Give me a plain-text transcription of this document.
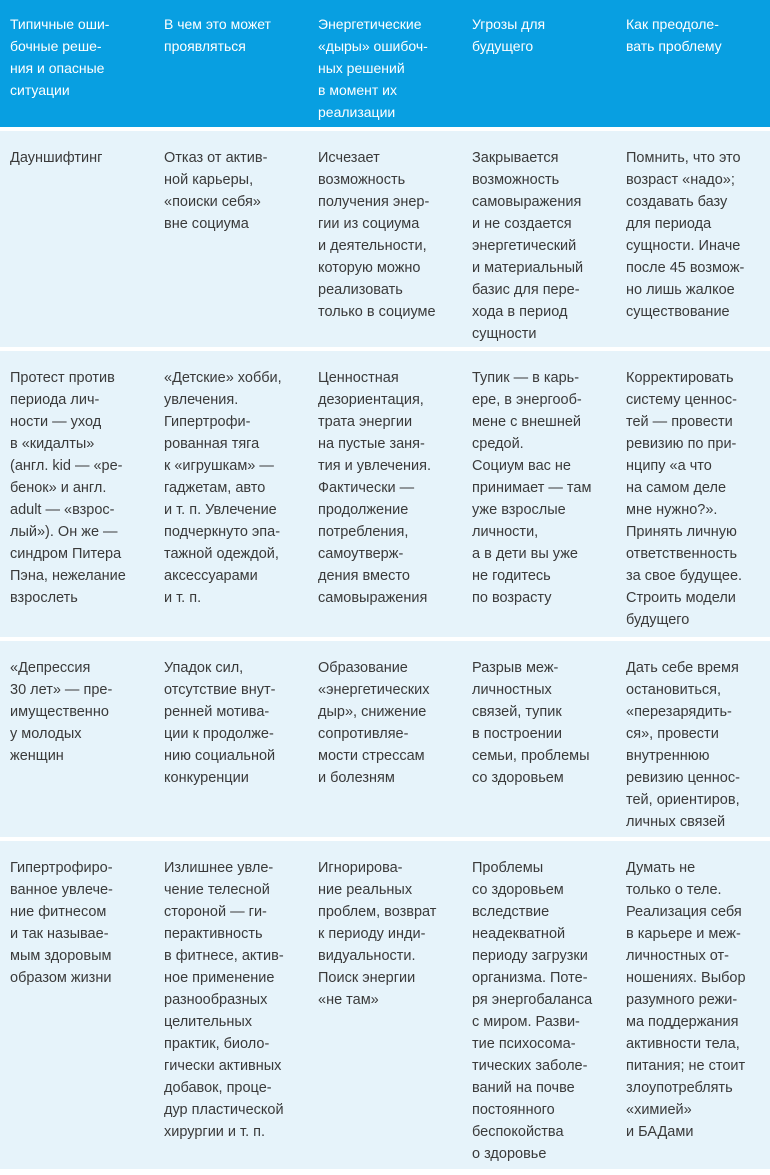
Типичные оши-
бочные реше-
ния и опасные
ситуации
В чем это может
проявляться
Энергетические
«дыры» ошибоч-
ных решений
в момент их
реализации
Угрозы для
будущего
Как преодоле-
вать проблему
Дауншифтинг	Отказ от актив-
ной карьеры,
«поиски себя»
вне социума
Исчезает
возможность
получения энер-
гии из социума
и деятельности,
которую можно
реализовать
только в социуме
Закрывается
возможность
самовыражения
и не создается
энергетический
и материальный
базис для пере-
хода в период
сущности
Помнить, что это
возраст «надо»;
создавать базу
для периода
сущности. Иначе
после 45 возмож-
но лишь жалкое
существование
Протест против
периода лич-
ности — уход
в «кидалты»
(англ. kid — «ре-
бенок» и англ.
adult — «взрос-
лый»). Он же —
синдром Питера
Пэна, нежелание
взрослеть
«Детские» хобби,
увлечения.
Гипертрофи-
рованная тяга
к «игрушкам» —
гаджетам, авто
и т. п. Увлечение
подчеркнуто эпа-
тажной одеждой,
аксессуарами
и т. п.
Ценностная
дезориентация,
трата энергии
на пустые заня-
тия и увлечения.
Фактически —
продолжение
потребления,
самоутверж-
дения вместо
самовыражения
Тупик — в карь-
ере, в энергооб-
мене с внешней
средой.
Социум вас не
принимает — там
уже взрослые
личности,
а в дети вы уже
не годитесь
по возрасту
Корректировать
систему ценнос-
тей — провести
ревизию по при-
нципу «а что
на самом деле
мне нужно?».
Принять личную
ответственность
за свое будущее.
Строить модели
будущего
«Депрессия
30 лет» — пре-
имущественно
у молодых
женщин
Упадок сил,
отсутствие внут-
ренней мотива-
ции к продолже-
нию социальной
конкуренции
Образование
«энергетических
дыр», снижение
сопротивляе-
мости стрессам
и болезням
Разрыв меж-
личностных
связей, тупик
в построении
семьи, проблемы
со здоровьем
Дать себе время
остановиться,
«перезарядить-
ся», провести
внутреннюю
ревизию ценнос-
тей, ориентиров,
личных связей
Гипертрофиро-
ванное увлече-
ние фитнесом
и так называе-
мым здоровым
образом жизни
Излишнее увле-
чение телесной
стороной — ги-
перактивность
в фитнесе, актив-
ное применение
разнообразных
целительных
практик, биоло-
гически активных
добавок, проце-
дур пластической
хирургии и т. п.
Игнорирова-
ние реальных
проблем, возврат
к периоду инди-
видуальности.
Поиск энергии
«не там»
Проблемы
со здоровьем
вследствие
неадекватной
периоду загрузки
организма. Поте-
ря энергобаланса
с миром. Разви-
тие психосома-
тических заболе-
ваний на почве
постоянного
беспокойства
о здоровье
Думать не
только о теле.
Реализация себя
в карьере и меж-
личностных от-
ношениях. Выбор
разумного режи-
ма поддержания
активности тела,
питания; не стоит
злоупотреблять
«химией»
и БАДами
